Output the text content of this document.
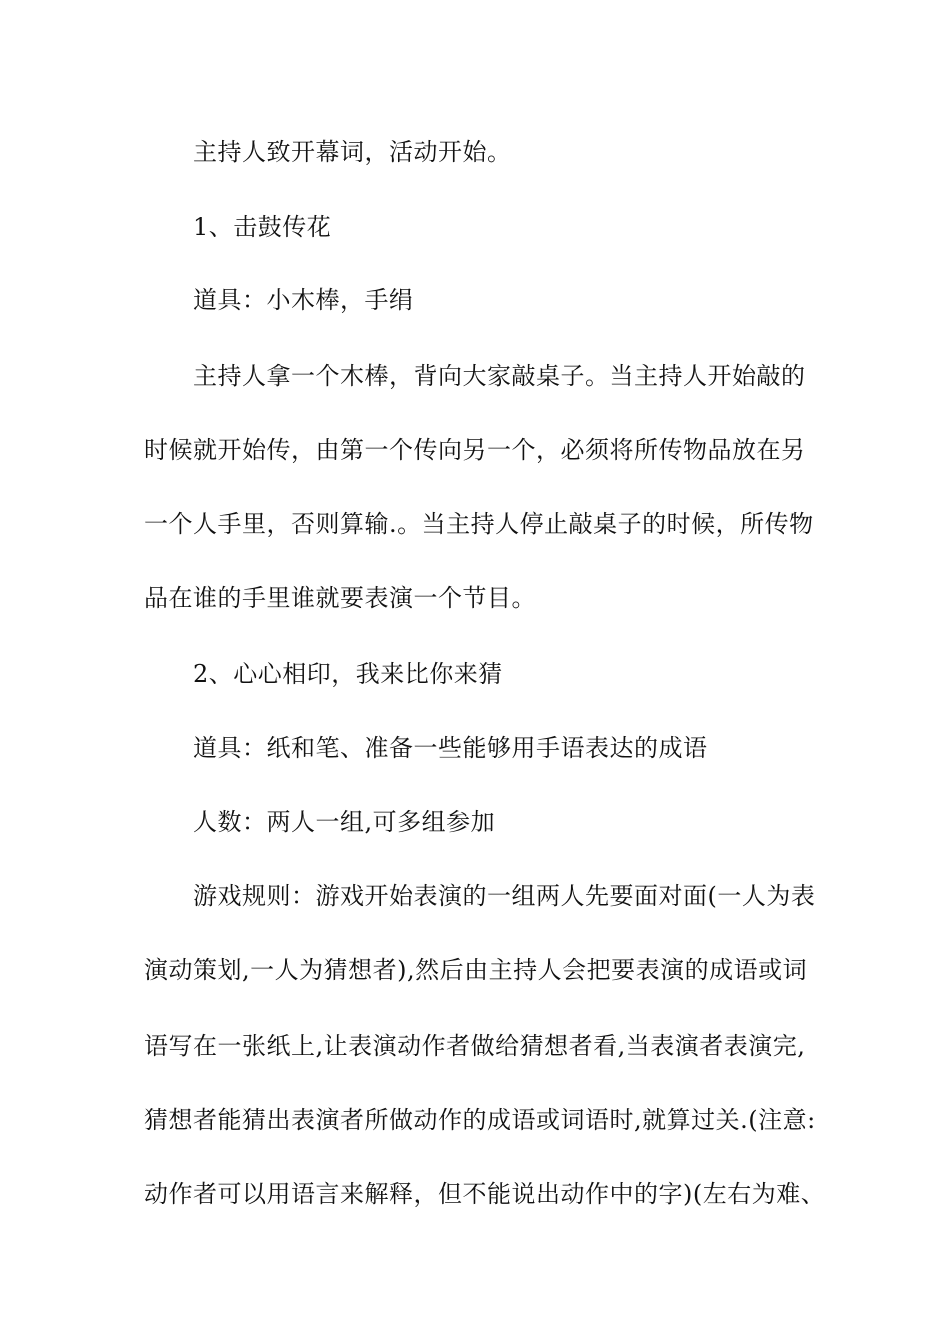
主持人致开幕词，活动开始。
1、击鼓传花
道具：小木棒，手绢
主持人拿一个木棒，背向大家敲桌子。当主持人开始敲的
时候就开始传，由第一个传向另一个，必须将所传物品放在另
一个人手里，否则算输.。当主持人停止敲桌子的时候，所传物
品在谁的手里谁就要表演一个节目。
2、心心相印，我来比你来猜
道具：纸和笔、准备一些能够用手语表达的成语
人数：两人一组,可多组参加
游戏规则：游戏开始表演的一组两人先要面对面(一人为表
演动策划,一人为猜想者),然后由主持人会把要表演的成语或词
语写在一张纸上,让表演动作者做给猜想者看,当表演者表演完,
猜想者能猜出表演者所做动作的成语或词语时,就算过关.(注意:
动作者可以用语言来解释，但不能说出动作中的字)(左右为难、
